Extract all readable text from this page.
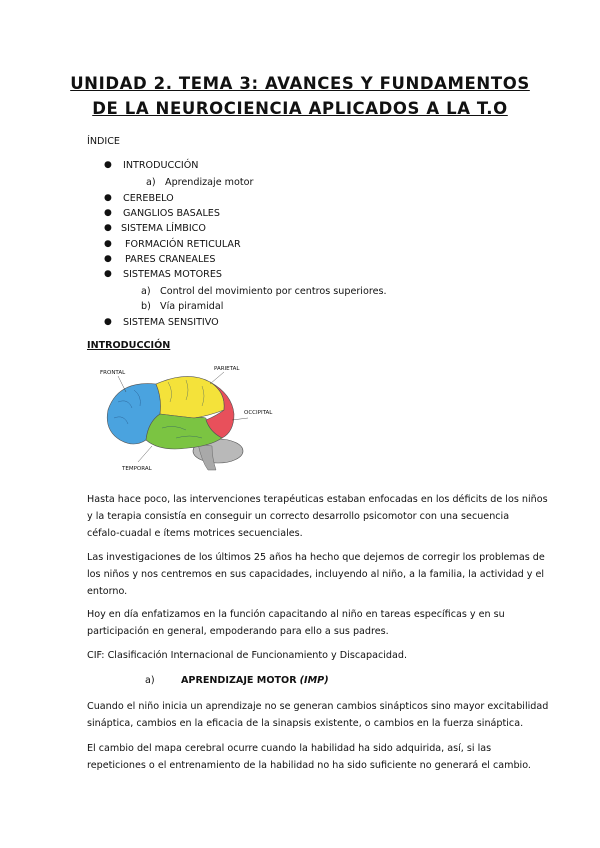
UNIDAD 2. TEMA 3: AVANCES Y FUNDAMENTOS
DE LA NEUROCIENCIA APLICADOS A LA T.O
ÍNDICE
● INTRODUCCIÓN
a) Aprendizaje motor
● CEREBELO
● GANGLIOS BASALES
● SISTEMA LÍMBICO
● FORMACIÓN RETICULAR
● PARES CRANEALES
● SISTEMAS MOTORES
a) Control del movimiento por centros superiores.
b) Vía piramidal
● SISTEMA SENSITIVO
INTRODUCCIÓN
FRONTAL
PARIETAL
OCCIPITAL
TEMPORAL
Hasta hace poco, las intervenciones terapéuticas estaban enfocadas en los déficits de los niños
y la terapia consistía en conseguir un correcto desarrollo psicomotor con una secuencia
céfalo-cuadal e ítems motrices secuenciales.
Las investigaciones de los últimos 25 años ha hecho que dejemos de corregir los problemas de
los niños y nos centremos en sus capacidades, incluyendo al niño, a la familia, la actividad y el
entorno.
Hoy en día enfatizamos en la función capacitando al niño en tareas específicas y en su
participación en general, empoderando para ello a sus padres.
CIF: Clasificación Internacional de Funcionamiento y Discapacidad.
a)	APRENDIZAJE MOTOR (IMP)
Cuando el niño inicia un aprendizaje no se generan cambios sinápticos sino mayor excitabilidad
sináptica, cambios en la eficacia de la sinapsis existente, o cambios en la fuerza sináptica.
El cambio del mapa cerebral ocurre cuando la habilidad ha sido adquirida, así, si las
repeticiones o el entrenamiento de la habilidad no ha sido suficiente no generará el cambio.
